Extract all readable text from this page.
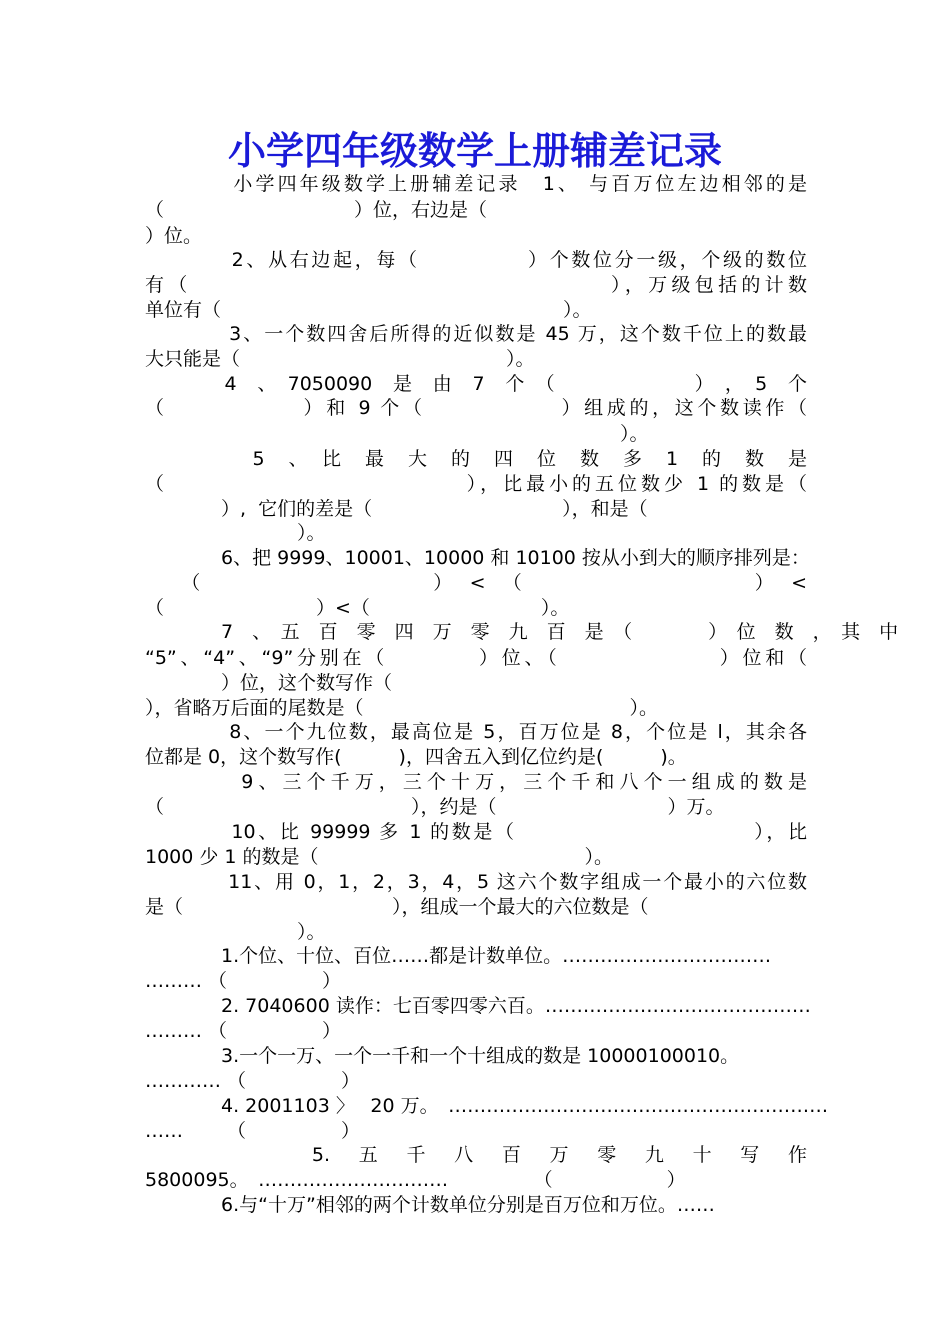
小学四年级数学上册辅差记录
　　　　小学四年级数学上册辅差记录　1、 与百万位左边相邻的是
（　　　　　　　　　　）位，右边是（
）位。
　　　　2、从右边起，每（　　　　　）个数位分一级，个级的数位
有（　　　　　　　　　　　　　　　　　　），万级包括的计数
单位有（　　　　　　　　　　　　　　　　　　）。
　　　　3、一个数四舍后所得的近似数是 45 万，这个数千位上的数最
大只能是（　　　　　　　　　　　　　　）。
　　　　4　、　7050090　是　由　7　个　（　　　　　　　）　，　5　个
（　　　　　　）和 9 个（　　　　　　）组成的，这个数读作（
　　　　　　　　　　　　　　　　　　　　　　　　　）。
　　　　　5　、　比　最　大　的　四　位　数　多　1　的　数　是
（　　　　　　　　　　　　　），比最小的五位数少 1 的数是（
　　　　）,  它们的差是（　　　　　　　　　　），和是（
　　　　　　　　）。
　　　　6、把 9999、10001、10000 和 10100 按从小到大的顺序排列是：
　　（　　　　　　　　　　）　<　（　　　　　　　　　　）　<
（　　　　　　　　）<（　　　　　　　　　）。
　　　　7　、　五　百　零　四　万　零　九　百　是　（　　　　）　位　数　，　其　中
“5”、“4”、“9”分别在（　　　　）位、（　　　　　　　）位和（
　　　　）位，这个数写作（
），省略万后面的尾数是（　　　　　　　　　　　　　　）。
　　　　8、一个九位数，最高位是 5，百万位是 8，个位是 l，其余各
位都是 0，这个数写作(　　　)，四舍五入到亿位约是(　　　)。
　　　　9、三个千万，三个十万，三个千和八个一组成的数是
（　　　　　　　　　　　　　），约是（　　　　　　　　　）万。
　　　　10、比 99999 多 1 的数是（　　　　　　　　　　　），比
1000 少 1 的数是（　　　　　　　　　　　　　　）。
　　　　11、用 0，1，2，3，4，5 这六个数字组成一个最小的六位数
是（　　　　　　　　　　　），组成一个最大的六位数是（
　　　　　　　　）。
　　　　1.个位、十位、百位……都是计数单位。……………………………
……… （　　　　　）
　　　　2. 7040600 读作：七百零四零六百。……………………………………
……… （　　　　　）
　　　　3.一个一万、一个一千和一个十组成的数是 10000100010。
………… （　　　　　）
　　　　4. 2001103 〉　 20 万。　……………………………………………………
……　　 （　　　　　）
　　　　　　　5.　五　千　八　百　万　零　九　十　写　作
5800095。　…………………………　　　　　（　　　　　　）
　　　　6.与“十万”相邻的两个计数单位分别是百万位和万位。……
